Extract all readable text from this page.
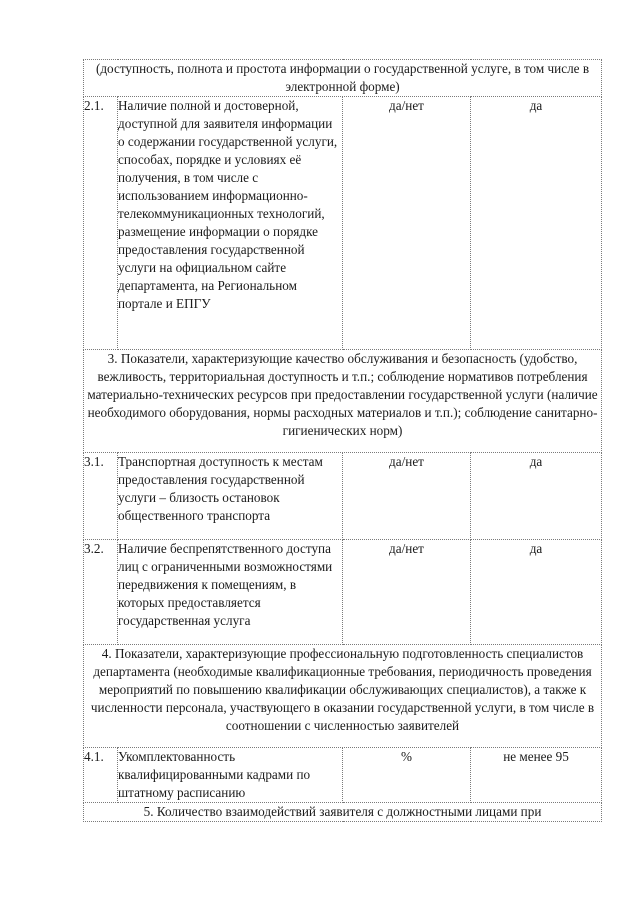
(доступность, полнота и простота информации о государственной услуге, в том числе в электронной форме)			
2.1.	Наличие полной и достоверной, доступной для заявителя информации о содержании государственной услуги, способах, порядке и условиях её получения, в том числе с использованием информационно-телекоммуникационных технологий, размещение информации о порядке предоставления государственной услуги на официальном сайте департамента, на Региональном портале и ЕПГУ	да/нет	да
3. Показатели, характеризующие качество обслуживания и безопасность (удобство, вежливость, территориальная доступность и т.п.; соблюдение нормативов потребления материально-технических ресурсов при предоставлении государственной услуги (наличие необходимого оборудования, нормы расходных материалов и т.п.); соблюдение санитарно-гигиенических норм)			
3.1.	Транспортная доступность к местам предоставления государственной услуги – близость остановок общественного транспорта	да/нет	да
3.2.	Наличие беспрепятственного доступа лиц с ограниченными возможностями передвижения к помещениям, в которых предоставляется государственная услуга	да/нет	да
4. Показатели, характеризующие профессиональную подготовленность специалистов департамента (необходимые квалификационные требования, периодичность проведения мероприятий по повышению квалификации обслуживающих специалистов), а также к численности персонала, участвующего в оказании государственной услуги, в том числе в соотношении с численностью заявителей			
4.1.	Укомплектованность квалифицированными кадрами по штатному расписанию	%	не менее 95
5. Количество взаимодействий заявителя с должностными лицами при			
